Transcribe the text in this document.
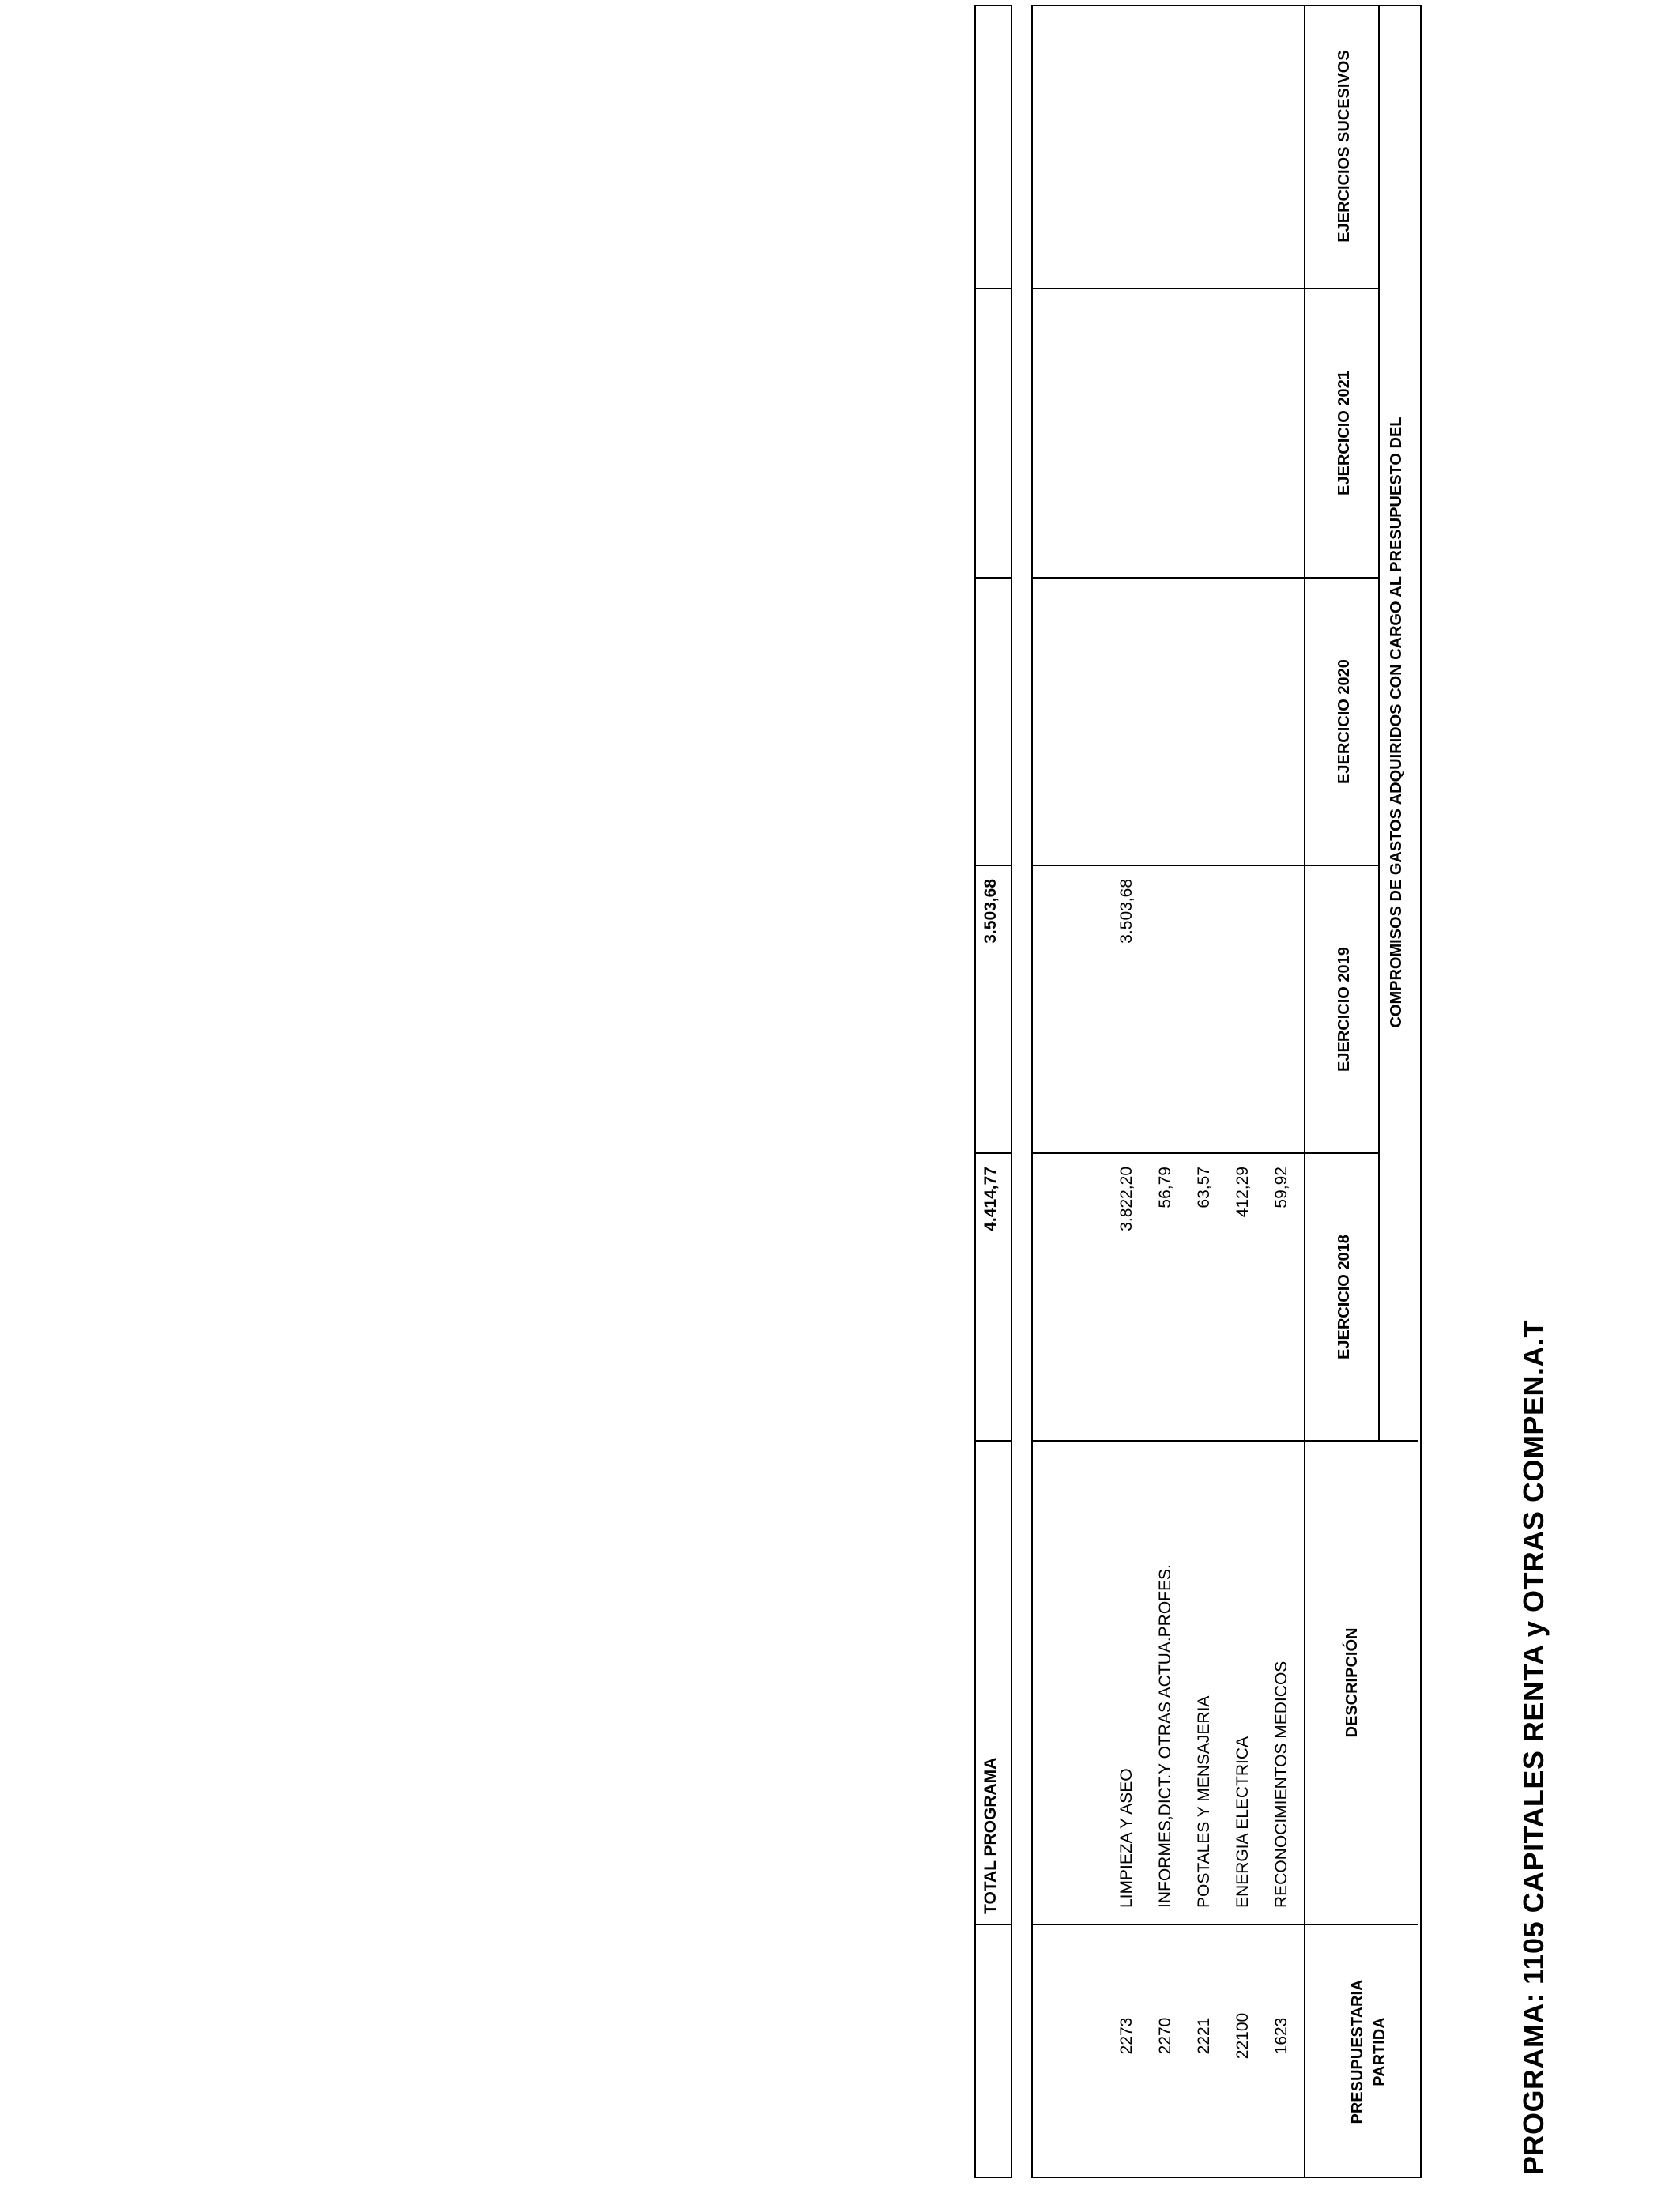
PROGRAMA: 1105 CAPITALES RENTA y OTRAS COMPEN.A.T
PARTIDA
PRESUPUESTARIA
DESCRIPCIÓN
COMPROMISOS DE GASTOS ADQUIRIDOS CON CARGO AL PRESUPUESTO DEL
EJERCICIO 2018
EJERCICIO 2019
EJERCICIO 2020
EJERCICIO 2021
EJERCICIOS SUCESIVOS
1623
RECONOCIMIENTOS MEDICOS
59,92
22100
ENERGIA ELECTRICA
412,29
2221
POSTALES Y MENSAJERIA
63,57
2270
INFORMES,DICT.Y OTRAS ACTUA.PROFES.
56,79
2273
LIMPIEZA Y ASEO
3.822,20
3.503,68
TOTAL PROGRAMA
4.414,77
3.503,68
